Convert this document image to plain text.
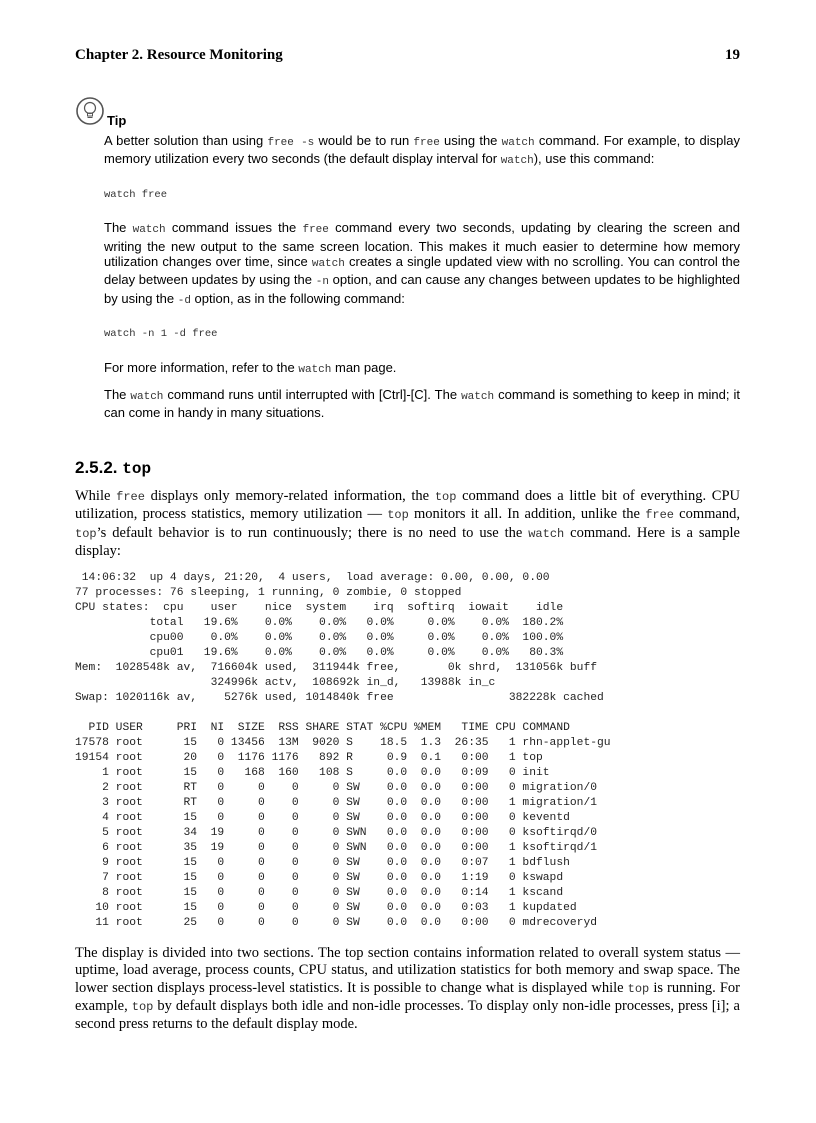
Chapter 2. Resource Monitoring	19
Tip

A better solution than using free -s would be to run free using the watch command. For example, to display memory utilization every two seconds (the default display interval for watch), use this command:

watch free

The watch command issues the free command every two seconds, updating by clearing the screen and writing the new output to the same screen location. This makes it much easier to determine how memory utilization changes over time, since watch creates a single updated view with no scrolling. You can control the delay between updates by using the -n option, and can cause any changes between updates to be highlighted by using the -d option, as in the following command:

watch -n 1 -d free

For more information, refer to the watch man page.

The watch command runs until interrupted with [Ctrl]-[C]. The watch command is something to keep in mind; it can come in handy in many situations.

2.5.2. top

While free displays only memory-related information, the top command does a little bit of everything. CPU utilization, process statistics, memory utilization — top monitors it all. In addition, unlike the free command, top’s default behavior is to run continuously; there is no need to use the watch command. Here is a sample display:

14:06:32  up 4 days, 21:20,  4 users,  load average: 0.00, 0.00, 0.00
77 processes: 76 sleeping, 1 running, 0 zombie, 0 stopped
CPU states:  cpu    user    nice  system    irq  softirq  iowait    idle
total   19.6%    0.0%    0.0%   0.0%     0.0%    0.0%  180.2%
cpu00    0.0%    0.0%    0.0%   0.0%     0.0%    0.0%  100.0%
cpu01   19.6%    0.0%    0.0%   0.0%     0.0%    0.0%   80.3%
Mem:  1028548k av,  716604k used,  311944k free,       0k shrd,  131056k buff
324996k actv,  108692k in_d,   13988k in_c
Swap: 1020116k av,    5276k used, 1014840k free                 382228k cached

PID USER     PRI  NI  SIZE  RSS SHARE STAT %CPU %MEM   TIME CPU COMMAND
17578 root      15   0 13456  13M  9020 S    18.5  1.3  26:35   1 rhn-applet-gu
19154 root      20   0  1176 1176   892 R     0.9  0.1   0:00   1 top
1 root      15   0   168  160   108 S     0.0  0.0   0:09   0 init
2 root      RT   0     0    0     0 SW    0.0  0.0   0:00   0 migration/0
3 root      RT   0     0    0     0 SW    0.0  0.0   0:00   1 migration/1
4 root      15   0     0    0     0 SW    0.0  0.0   0:00   0 keventd
5 root      34  19     0    0     0 SWN   0.0  0.0   0:00   0 ksoftirqd/0
6 root      35  19     0    0     0 SWN   0.0  0.0   0:00   1 ksoftirqd/1
9 root      15   0     0    0     0 SW    0.0  0.0   0:07   1 bdflush
7 root      15   0     0    0     0 SW    0.0  0.0   1:19   0 kswapd
8 root      15   0     0    0     0 SW    0.0  0.0   0:14   1 kscand
10 root      15   0     0    0     0 SW    0.0  0.0   0:03   1 kupdated
11 root      25   0     0    0     0 SW    0.0  0.0   0:00   0 mdrecoveryd

The display is divided into two sections. The top section contains information related to overall system status — uptime, load average, process counts, CPU status, and utilization statistics for both memory and swap space. The lower section displays process-level statistics. It is possible to change what is displayed while top is running. For example, top by default displays both idle and non-idle processes. To display only non-idle processes, press [i]; a second press returns to the default display mode.
